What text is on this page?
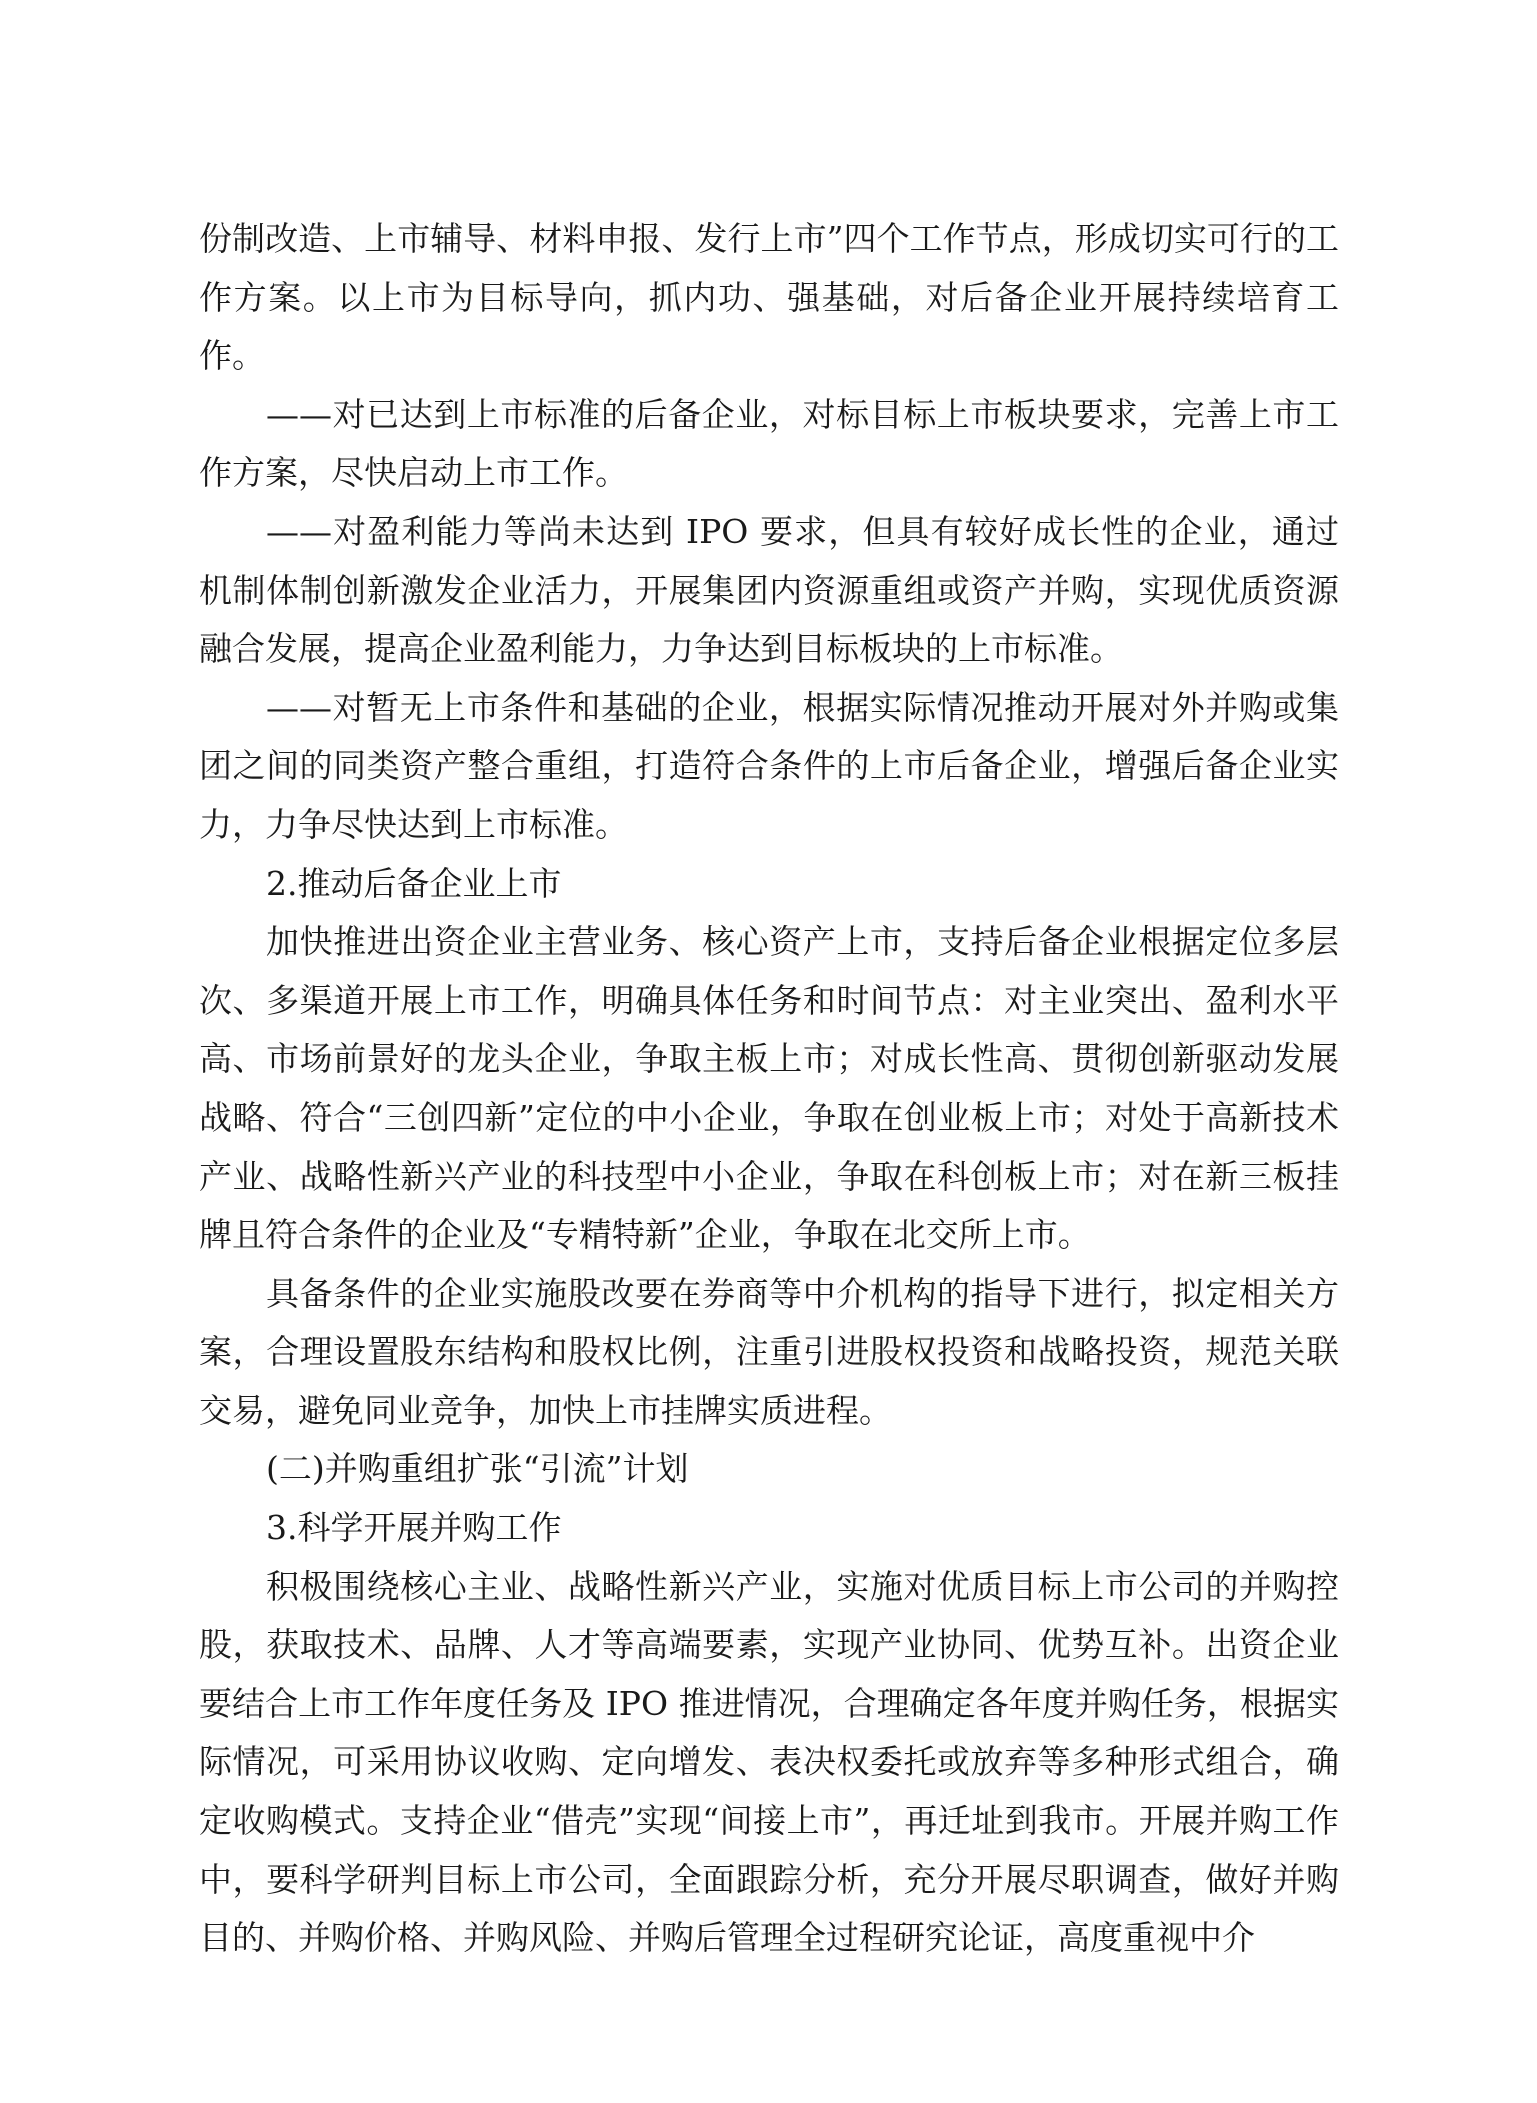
份制改造、上市辅导、材料申报、发行上市”四个工作节点，形成切实可行的工作方案。以上市为目标导向，抓内功、强基础，对后备企业开展持续培育工作。

——对已达到上市标准的后备企业，对标目标上市板块要求，完善上市工作方案，尽快启动上市工作。

——对盈利能力等尚未达到 IPO 要求，但具有较好成长性的企业，通过机制体制创新激发企业活力，开展集团内资源重组或资产并购，实现优质资源融合发展，提高企业盈利能力，力争达到目标板块的上市标准。

——对暂无上市条件和基础的企业，根据实际情况推动开展对外并购或集团之间的同类资产整合重组，打造符合条件的上市后备企业，增强后备企业实力，力争尽快达到上市标准。

2.推动后备企业上市

加快推进出资企业主营业务、核心资产上市，支持后备企业根据定位多层次、多渠道开展上市工作，明确具体任务和时间节点：对主业突出、盈利水平高、市场前景好的龙头企业，争取主板上市；对成长性高、贯彻创新驱动发展战略、符合“三创四新”定位的中小企业，争取在创业板上市；对处于高新技术产业、战略性新兴产业的科技型中小企业，争取在科创板上市；对在新三板挂牌且符合条件的企业及“专精特新”企业，争取在北交所上市。

具备条件的企业实施股改要在券商等中介机构的指导下进行，拟定相关方案，合理设置股东结构和股权比例，注重引进股权投资和战略投资，规范关联交易，避免同业竞争，加快上市挂牌实质进程。

(二)并购重组扩张“引流”计划

3.科学开展并购工作

积极围绕核心主业、战略性新兴产业，实施对优质目标上市公司的并购控股，获取技术、品牌、人才等高端要素，实现产业协同、优势互补。出资企业要结合上市工作年度任务及 IPO 推进情况，合理确定各年度并购任务，根据实际情况，可采用协议收购、定向增发、表决权委托或放弃等多种形式组合，确定收购模式。支持企业“借壳”实现“间接上市”，再迁址到我市。开展并购工作中，要科学研判目标上市公司，全面跟踪分析，充分开展尽职调查，做好并购目的、并购价格、并购风险、并购后管理全过程研究论证，高度重视中介
